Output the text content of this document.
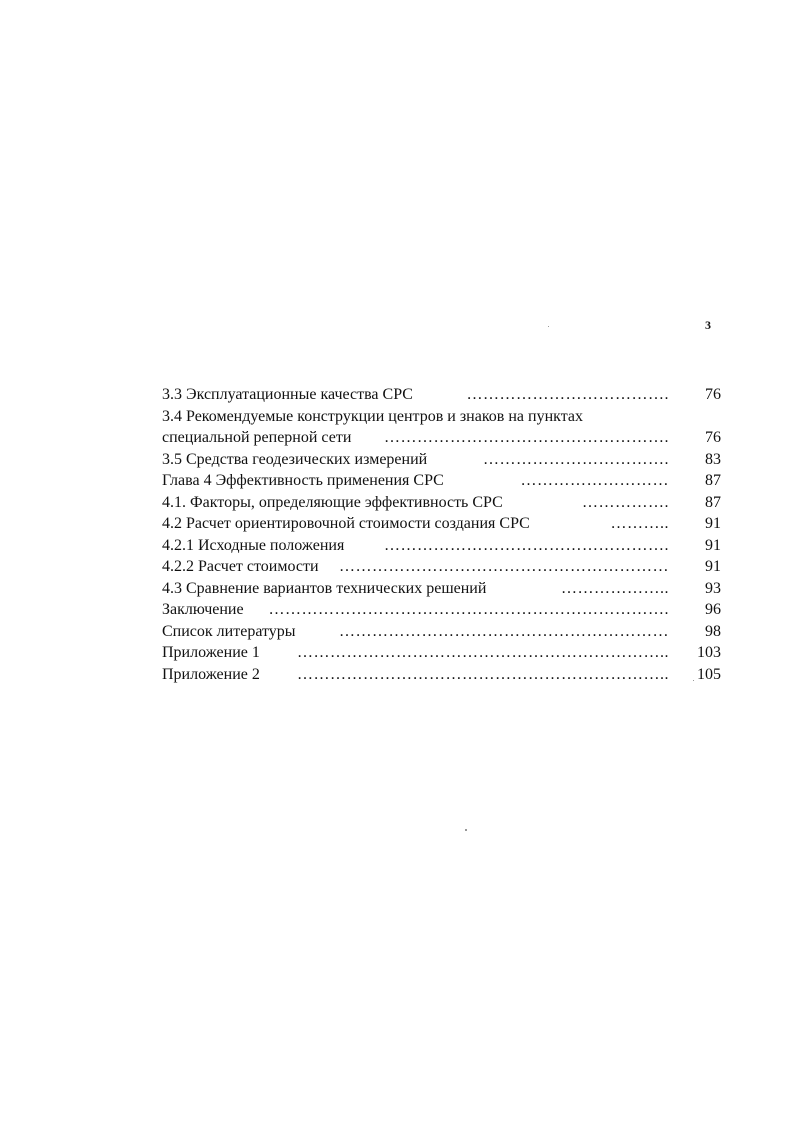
3
3.3 Эксплуатационные качества СРС	……………………………….	76
3.4 Рекомендуемые конструкции центров и знаков на пунктах
специальной реперной сети	…………………………………………….	76
3.5 Средства геодезических измерений	…………………………….	83
Глава 4 Эффективность применения СРС	………………………	87
4.1. Факторы, определяющие эффективность СРС	…………….	87
4.2 Расчет ориентировочной стоимости создания СРС	………..	91
4.2.1 Исходные положения	…………………………………………….	91
4.2.2 Расчет стоимости	……………………………………………………	91
4.3 Сравнение вариантов технических решений	………………..	93
Заключение	……………………………………………………………….	96
Список литературы	……………………………………………………	98
Приложение 1	…………………………………………………………..	103
Приложение 2	…………………………………………………………..	105
